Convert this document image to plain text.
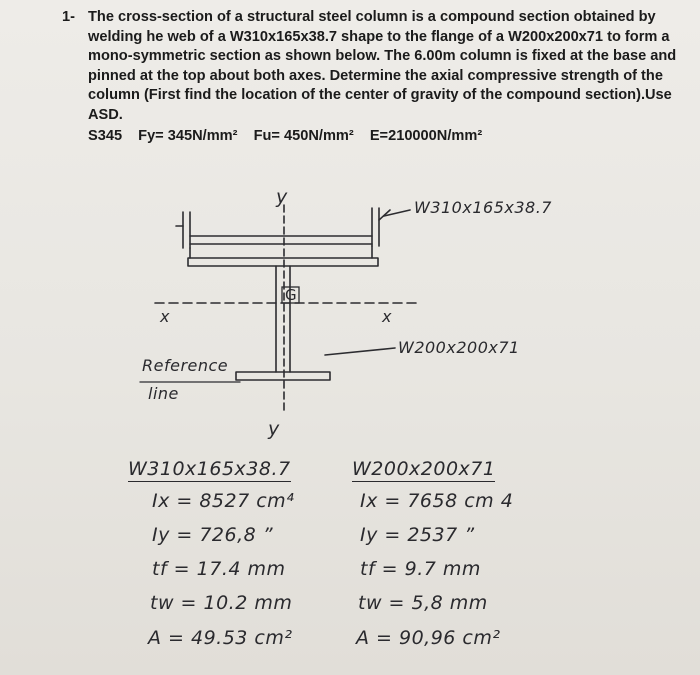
1- The cross-section of a structural steel column is a compound section obtained by welding he web of a W310x165x38.7 shape to the flange of a W200x200x71 to form a mono-symmetric section as shown below. The 6.00m column is fixed at the base and pinned at the top about both axes. Determine the axial compressive strength of the column (First find the location of the center of gravity of the compound section).Use ASD.
S345 Fy= 345N/mm² Fu= 450N/mm² E=210000N/mm²
y
y
x	x
G
W310x165x38.7
W200x200x71
Reference
line
W310x165x38.7
Ix = 8527 cm⁴
Iy = 726,8 ”
tf = 17.4 mm
tw = 10.2 mm
A = 49.53 cm²
W200x200x71
Ix = 7658 cm 4
Iy = 2537 ”
tf = 9.7 mm
tw = 5,8 mm
A = 90,96 cm²
